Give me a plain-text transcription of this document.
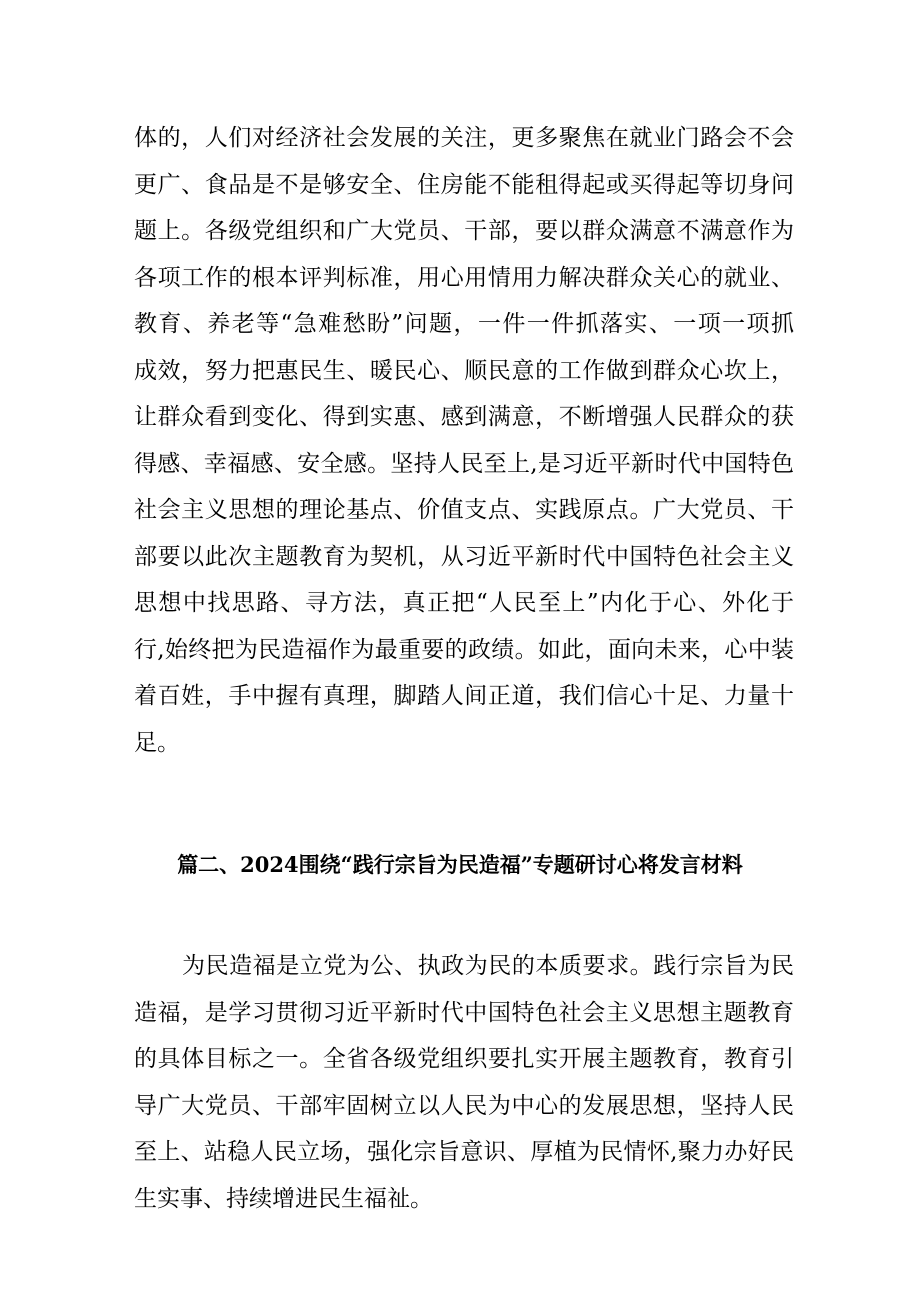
体的，人们对经济社会发展的关注，更多聚焦在就业门路会不会
更广、食品是不是够安全、住房能不能租得起或买得起等切身问
题上。各级党组织和广大党员、干部，要以群众满意不满意作为
各项工作的根本评判标准，用心用情用力解决群众关心的就业、
教育、养老等“急难愁盼”问题，一件一件抓落实、一项一项抓
成效，努力把惠民生、暖民心、顺民意的工作做到群众心坎上，
让群众看到变化、得到实惠、感到满意，不断增强人民群众的获
得感、幸福感、安全感。坚持人民至上,是习近平新时代中国特色
社会主义思想的理论基点、价值支点、实践原点。广大党员、干
部要以此次主题教育为契机，从习近平新时代中国特色社会主义
思想中找思路、寻方法，真正把“人民至上”内化于心、外化于
行,始终把为民造福作为最重要的政绩。如此，面向未来，心中装
着百姓，手中握有真理，脚踏人间正道，我们信心十足、力量十
足。
篇二、2024围绕“践行宗旨为民造福”专题研讨心将发言材料
为民造福是立党为公、执政为民的本质要求。践行宗旨为民
造福，是学习贯彻习近平新时代中国特色社会主义思想主题教育
的具体目标之一。全省各级党组织要扎实开展主题教育，教育引
导广大党员、干部牢固树立以人民为中心的发展思想，坚持人民
至上、站稳人民立场，强化宗旨意识、厚植为民情怀,聚力办好民
生实事、持续增进民生福祉。
